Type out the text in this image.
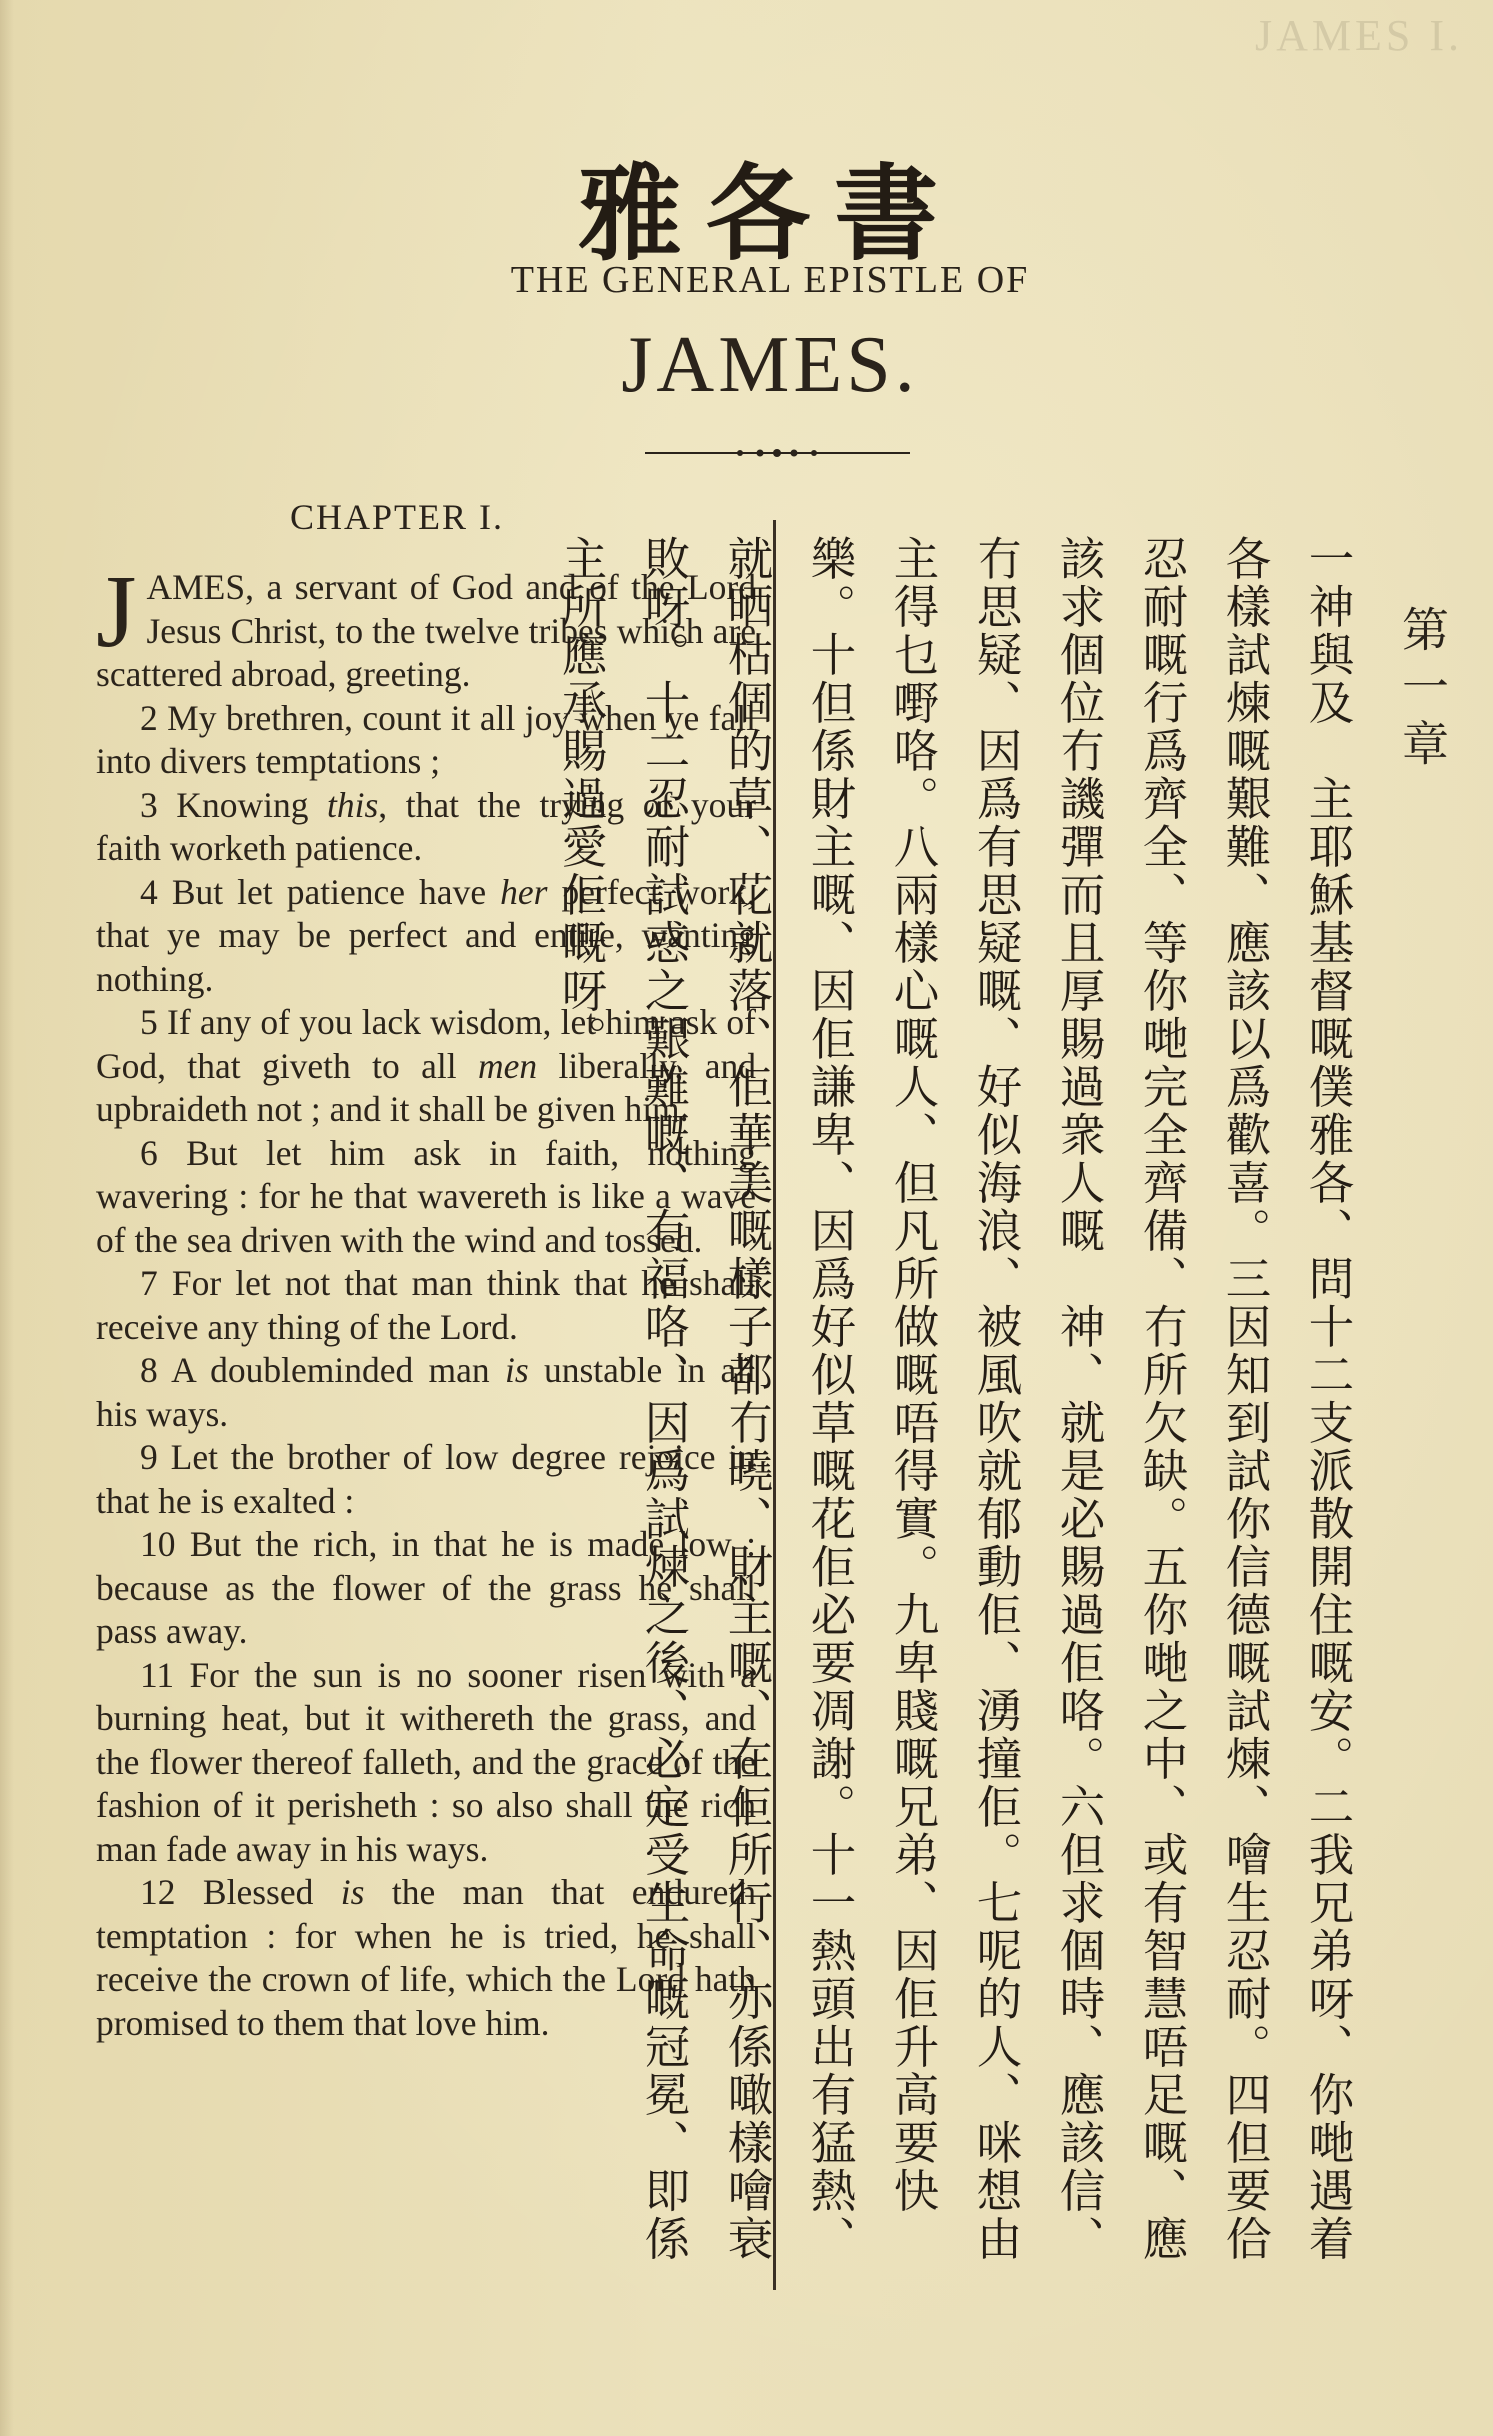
JAMES I.
雅各書
THE GENERAL EPISTLE OF
JAMES.
CHAPTER I.

JAMES, a servant of God and of the Lord Jesus Christ, to the twelve tribes which are scattered abroad, greeting.

2 My brethren, count it all joy when ye fall into divers temptations ;

3 Knowing this, that the trying of your faith worketh patience.

4 But let patience have her perfect work, that ye may be perfect and entire, wanting nothing.

5 If any of you lack wisdom, let him ask of God, that giveth to all men liberally, and upbraideth not ; and it shall be given him.

6 But let him ask in faith, nothing wavering : for he that wavereth is like a wave of the sea driven with the wind and tossed.

7 For let not that man think that he shall receive any thing of the Lord.

8 A doubleminded man is unstable in all his ways.

9 Let the brother of low degree rejoice in that he is exalted :

10 But the rich, in that he is made low : because as the flower of the grass he shall pass away.

11 For the sun is no sooner risen with a burning heat, but it withereth the grass, and the flower thereof falleth, and the grace of the fashion of it perisheth : so also shall the rich man fade away in his ways.

12 Blessed is the man that endureth temptation : for when he is tried, he shall receive the crown of life, which the Lord hath promised to them that love him.

第一章
一神與及　主耶穌基督嘅僕雅各、問十二支派散開住嘅安。二我兄弟呀、你哋遇着各樣試煉嘅艱難、應該以爲歡喜。三因知到試你信德嘅試煉、噲生忍耐。四但要佮忍耐嘅行爲齊全、等你哋完全齊備、冇所欠缺。五你哋之中、或有智慧唔足嘅、應該求個位冇譏彈而且厚賜過衆人嘅　神、就是必賜過佢咯。六但求個時、應該信、冇思疑、因爲有思疑嘅、好似海浪、被風吹就郁動佢、湧撞佢。七呢的人、咪想由　主得乜嘢咯。八兩樣心嘅人、但凡所做嘅唔得實。九卑賤嘅兄弟、因佢升高要快樂。十但係財主嘅、因佢謙卑、因爲好似草嘅花佢必要凋謝。十一熱頭出有猛熱、就晒枯個的草、花就落、佢華美嘅樣子都冇曉、財主嘅、在佢所行、亦係噉樣噲衰敗呀。十二忍耐試惑之艱難嘅、有福咯、因爲試煉之後、必定受生命嘅冠冕、即係　主所應承賜過愛佢嘅呀。
